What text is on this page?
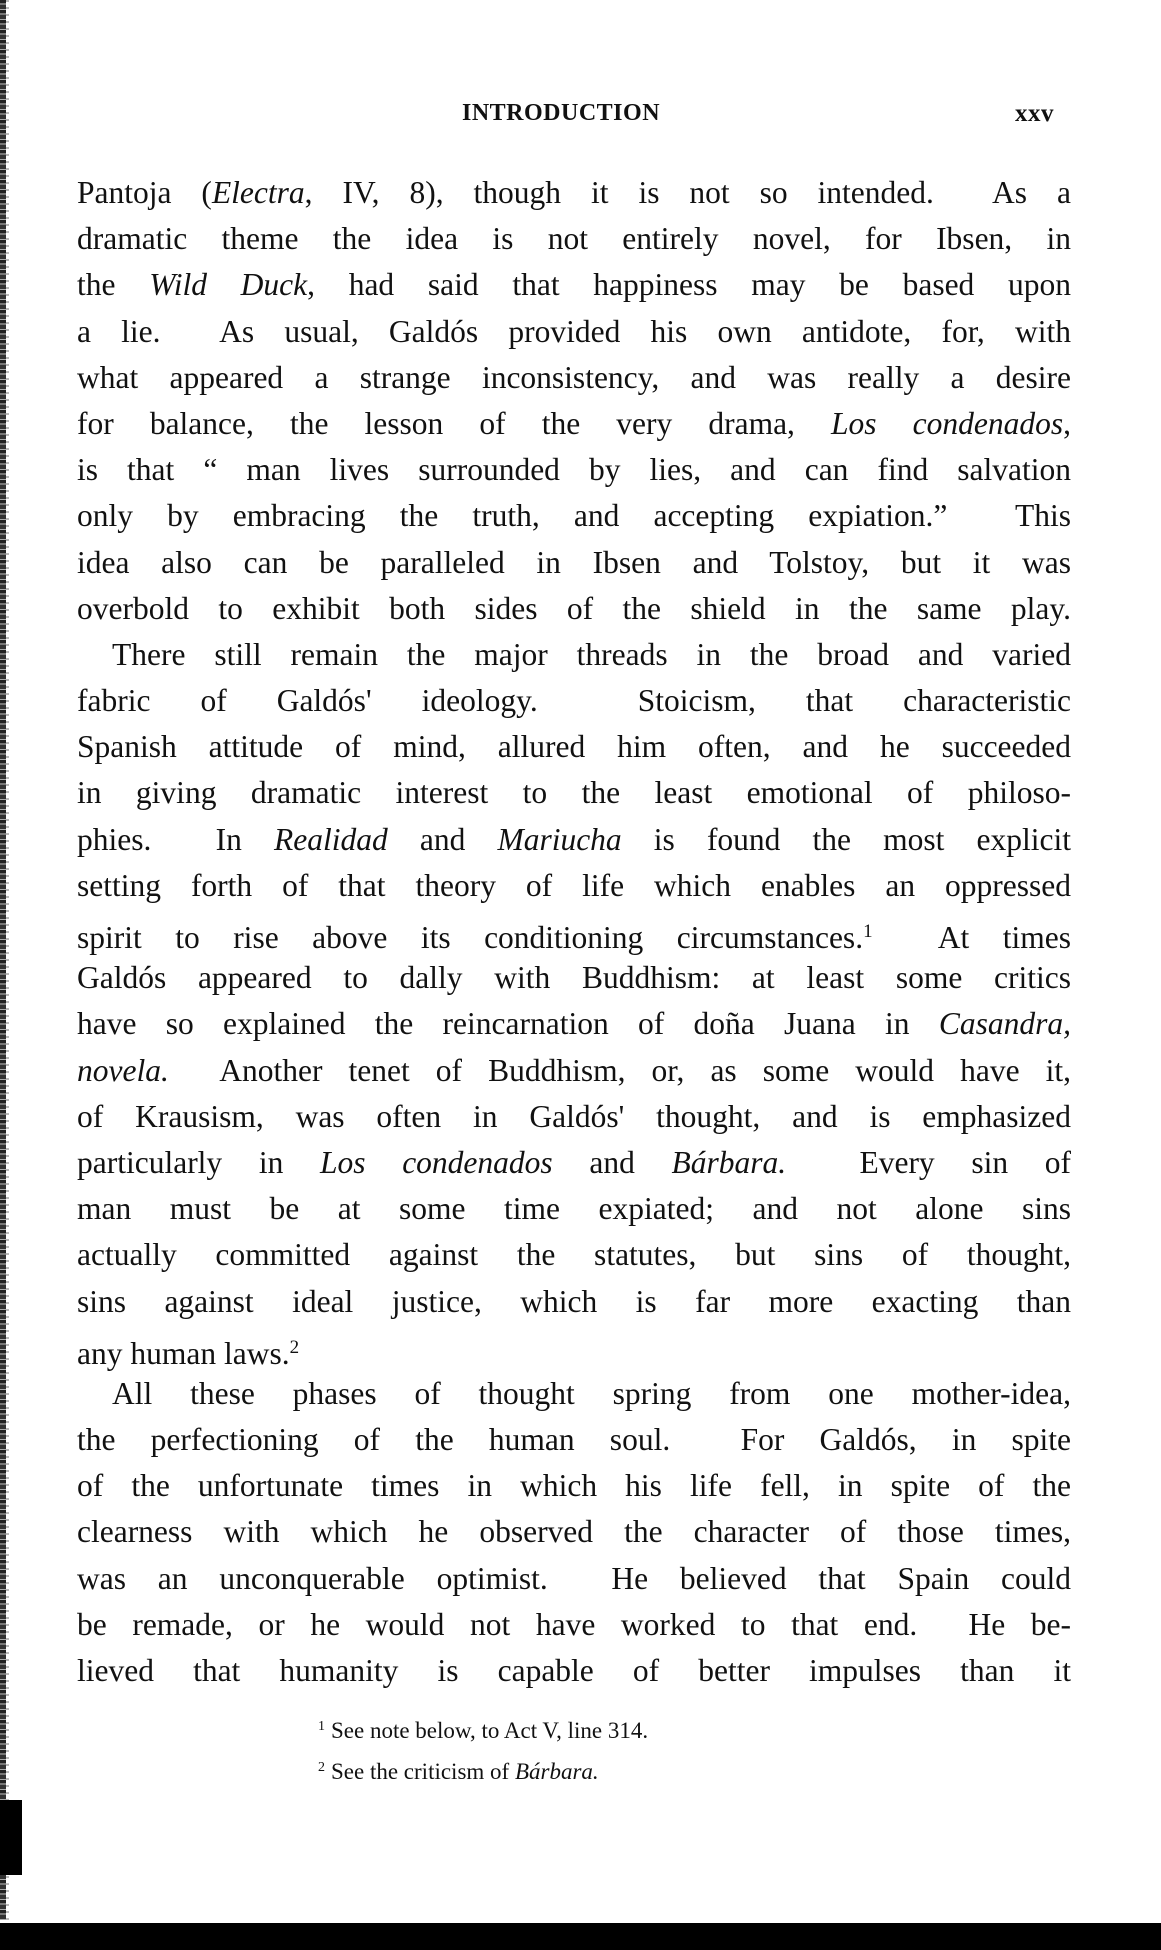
INTRODUCTION	xxv
Pantoja (Electra, IV, 8), though it is not so intended.  As a
dramatic theme the idea is not entirely novel, for Ibsen, in
the Wild Duck, had said that happiness may be based upon
a lie.  As usual, Galdós provided his own antidote, for, with
what appeared a strange inconsistency, and was really a desire
for balance, the lesson of the very drama, Los condenados,
is that “ man lives surrounded by lies, and can find salvation
only by embracing the truth, and accepting expiation.”  This
idea also can be paralleled in Ibsen and Tolstoy, but it was
overbold to exhibit both sides of the shield in the same play.
There still remain the major threads in the broad and varied
fabric of Galdós' ideology.  Stoicism, that characteristic
Spanish attitude of mind, allured him often, and he succeeded
in giving dramatic interest to the least emotional of philoso-
phies.  In Realidad and Mariucha is found the most explicit
setting forth of that theory of life which enables an oppressed
spirit to rise above its conditioning circumstances.$^1$  At times
Galdós appeared to dally with Buddhism: at least some critics
have so explained the reincarnation of doña Juana in Casandra,
novela.  Another tenet of Buddhism, or, as some would have it,
of Krausism, was often in Galdós' thought, and is emphasized
particularly in Los condenados and Bárbara.  Every sin of
man must be at some time expiated; and not alone sins
actually committed against the statutes, but sins of thought,
sins against ideal justice, which is far more exacting than
any human laws.$^2$
All these phases of thought spring from one mother-idea,
the perfectioning of the human soul.  For Galdós, in spite
of the unfortunate times in which his life fell, in spite of the
clearness with which he observed the character of those times,
was an unconquerable optimist.  He believed that Spain could
be remade, or he would not have worked to that end.  He be-
lieved that humanity is capable of better impulses than it
$^1$ See note below, to Act V, line 314.
$^2$ See the criticism of Bárbara.
